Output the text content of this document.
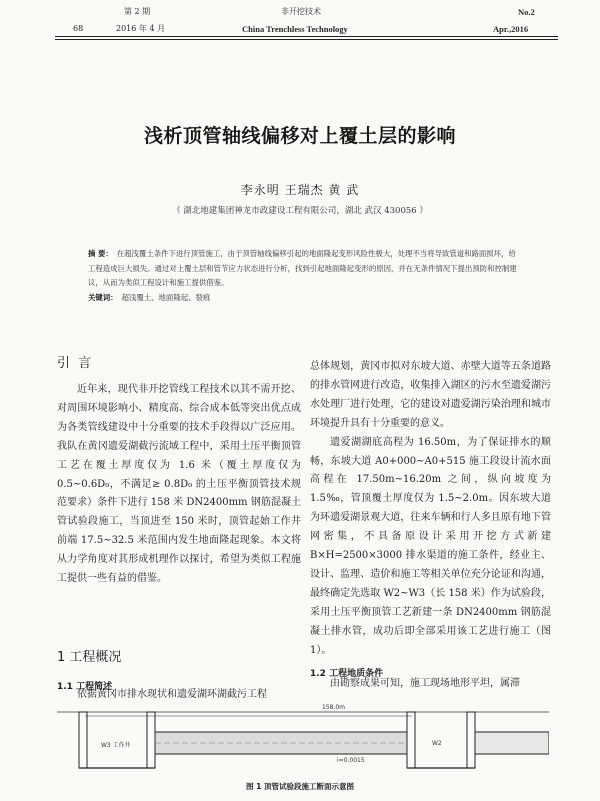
第 2 期	非开挖技术	No.2
68	2016 年 4 月	China Trenchless Technology	Apr.,2016
浅析顶管轴线偏移对上覆土层的影响
李永明 王瑞杰 黄 武
（ 湖北地建集团神龙市政建设工程有限公司，湖北 武汉 430056 ）
摘 要： 在超浅覆土条件下进行顶管施工，由于顶管轴线偏移引起的地面隆起变形风险性极大，处理不当将导致管道和路面损坏，给工程造成巨大损失。通过对上覆土层和管节应力状态进行分析，找到引起地面隆起变形的原因，并在无条件情况下提出预防和控制建议，从而为类似工程设计和施工提供借鉴。
关键词： 超浅覆土、地面隆起、裂痕
引 言

近年来，现代非开挖管线工程技术以其不需开挖、对周围环境影响小、精度高、综合成本低等突出优点成为各类管线建设中十分重要的技术手段得以广泛应用。我队在黄冈遗爱湖截污流域工程中，采用土压平衡顶管工艺在覆土厚度仅为 1.6 米（覆土厚度仅为 0.5~0.6D₀，不满足≥ 0.8D₀ 的土压平衡顶管技术规范要求）条件下进行 158 米 DN2400mm 钢筋混凝土管试验段施工，当顶进至 150 米时，顶管起始工作井前端 17.5~32.5 米范围内发生地面隆起现象。本文将从力学角度对其形成机理作以探讨，希望为类似工程施工提供一些有益的借鉴。

1 工程概况
1.1 工程简述

依据黄冈市排水现状和遗爱湖环湖截污工程

总体规划，黄冈市拟对东坡大道、赤壁大道等五条道路的排水管网进行改造，收集排入湖区的污水至遗爱湖污水处理厂进行处理，它的建设对遗爱湖污染治理和城市环境提升具有十分重要的意义。

遗爱湖湖底高程为 16.50m，为了保证排水的顺畅，东坡大道 A0+000~A0+515 施工段设计流水面高程在 17.50m~16.20m 之间，纵向坡度为 1.5‰，管顶覆土厚度仅为 1.5~2.0m。因东坡大道为环遗爱湖景观大道，往来车辆和行人多且原有地下管网密集，不具备原设计采用开挖方式新建 B×H=2500×3000 排水渠道的施工条件，经业主、设计、监理、造价和施工等相关单位充分论证和沟通，最终确定先选取 W2~W3（长 158 米）作为试验段，采用土压平衡顶管工艺新建一条 DN2400mm 钢筋混凝土排水管，成功后即全部采用该工艺进行施工（图 1）。

1.2 工程地质条件

由勘察成果可知，施工现场地形平坦，属滞

158.0m
W3 工作井
i=0.0015
W2
图 1 顶管试验段施工断面示意图
